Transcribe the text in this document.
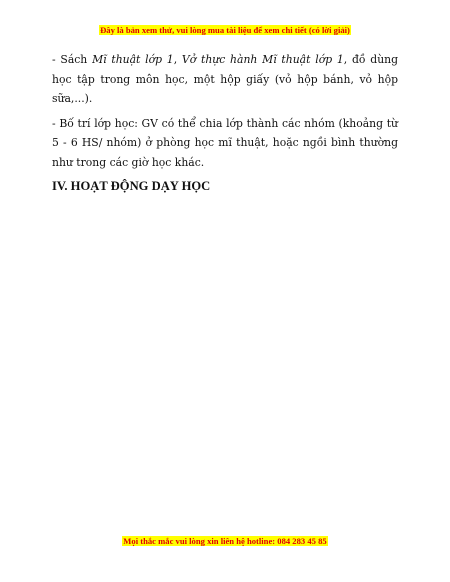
Đây là bản xem thử, vui lòng mua tài liệu để xem chi tiết (có lời giải)

- Sách Mĩ thuật lớp 1, Vở thực hành Mĩ thuật lớp 1, đồ dùng học tập trong môn học, một hộp giấy (vỏ hộp bánh, vỏ hộp sữa,...).

- Bố trí lớp học: GV có thể chia lớp thành các nhóm (khoảng từ 5 - 6 HS/ nhóm) ở phòng học mĩ thuật, hoặc ngồi bình thường như trong các giờ học khác.

IV. HOẠT ĐỘNG DẠY HỌC
Mọi thắc mắc vui lòng xin liên hệ hotline: 084 283 45 85
